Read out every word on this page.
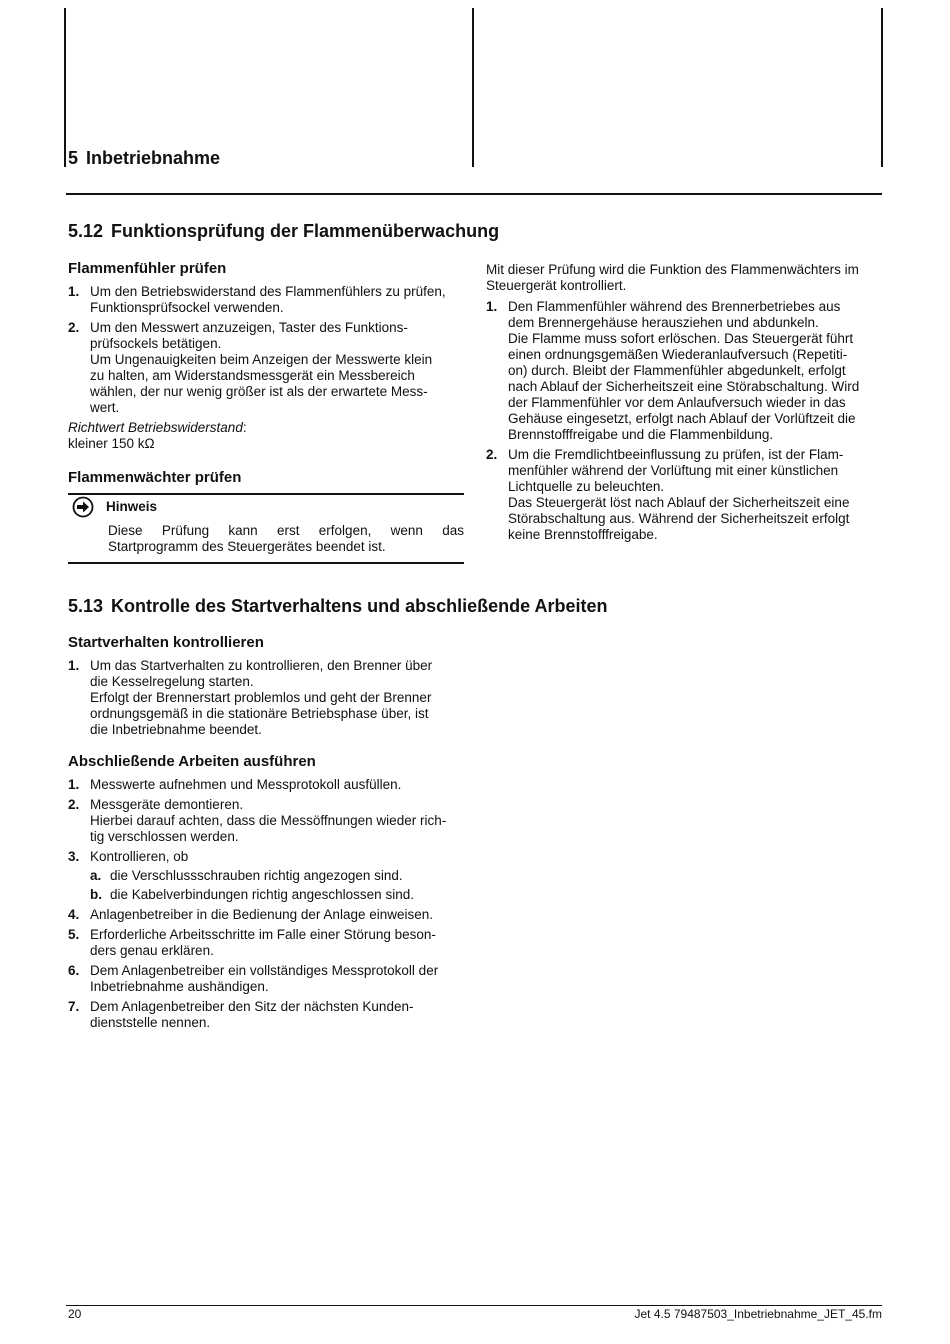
5 Inbetriebnahme
5.12 Funktionsprüfung der Flammenüberwachung
Flammenfühler prüfen
1. Um den Betriebswiderstand des Flammenfühlers zu prüfen,
Funktionsprüfsockel verwenden.
2. Um den Messwert anzuzeigen, Taster des Funktions-
prüfsockels betätigen.
Um Ungenauigkeiten beim Anzeigen der Messwerte klein
zu halten, am Widerstandsmessgerät ein Messbereich
wählen, der nur wenig größer ist als der erwartete Mess-
wert.
Richtwert Betriebswiderstand:
kleiner 150 kΩ
Flammenwächter prüfen
Hinweis
Diese Prüfung kann erst erfolgen, wenn das Startprogramm des Steuergerätes beendet ist.

Mit dieser Prüfung wird die Funktion des Flammenwächters im
Steuergerät kontrolliert.

1. Den Flammenfühler während des Brennerbetriebes aus
dem Brennergehäuse herausziehen und abdunkeln.
Die Flamme muss sofort erlöschen. Das Steuergerät führt
einen ordnungsgemäßen Wiederanlaufversuch (Repetiti-
on) durch. Bleibt der Flammenfühler abgedunkelt, erfolgt
nach Ablauf der Sicherheitszeit eine Störabschaltung. Wird
der Flammenfühler vor dem Anlaufversuch wieder in das
Gehäuse eingesetzt, erfolgt nach Ablauf der Vorlüftzeit die
Brennstofffreigabe und die Flammenbildung.
2. Um die Fremdlichtbeeinflussung zu prüfen, ist der Flam-
menfühler während der Vorlüftung mit einer künstlichen
Lichtquelle zu beleuchten.
Das Steuergerät löst nach Ablauf der Sicherheitszeit eine
Störabschaltung aus. Während der Sicherheitszeit erfolgt
keine Brennstofffreigabe.
5.13 Kontrolle des Startverhaltens und abschließende Arbeiten
Startverhalten kontrollieren
1. Um das Startverhalten zu kontrollieren, den Brenner über
die Kesselregelung starten.
Erfolgt der Brennerstart problemlos und geht der Brenner
ordnungsgemäß in die stationäre Betriebsphase über, ist
die Inbetriebnahme beendet.
Abschließende Arbeiten ausführen
1. Messwerte aufnehmen und Messprotokoll ausfüllen.
2. Messgeräte demontieren.
Hierbei darauf achten, dass die Messöffnungen wieder rich-
tig verschlossen werden.
3. Kontrollieren, ob
a. die Verschlussschrauben richtig angezogen sind.
b. die Kabelverbindungen richtig angeschlossen sind.
4. Anlagenbetreiber in die Bedienung der Anlage einweisen.
5. Erforderliche Arbeitsschritte im Falle einer Störung beson-
ders genau erklären.
6. Dem Anlagenbetreiber ein vollständiges Messprotokoll der
Inbetriebnahme aushändigen.
7. Dem Anlagenbetreiber den Sitz der nächsten Kunden-
dienststelle nennen.
20	Jet 4.5 79487503_Inbetriebnahme_JET_45.fm
